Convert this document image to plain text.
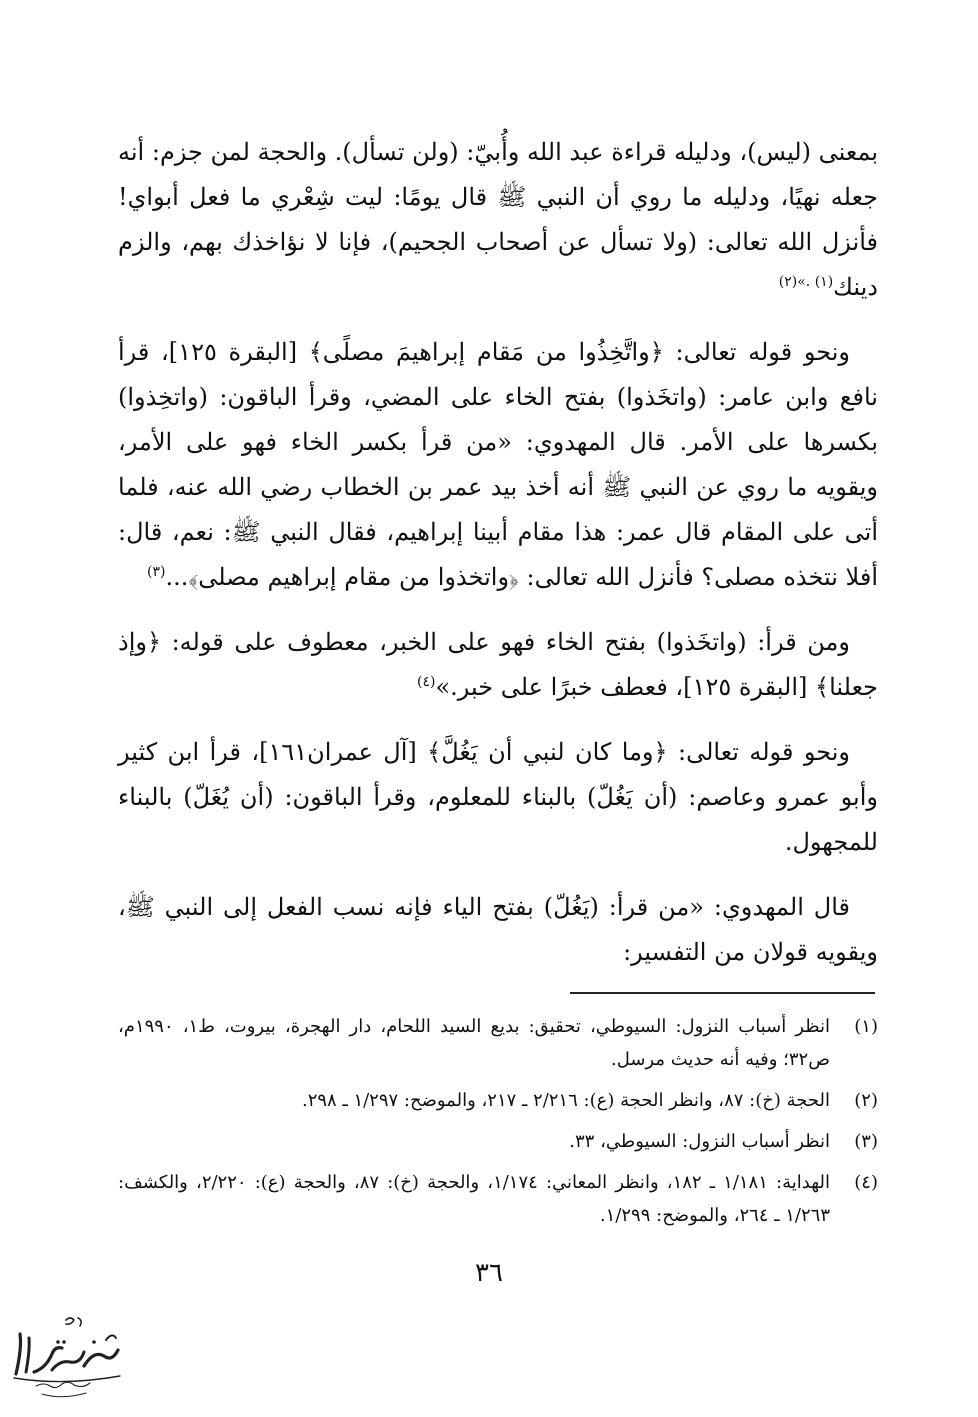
بمعنى (ليس)، ودليله قراءة عبد الله وأُبيّ: (ولن تسأل). والحجة لمن جزم: أنه جعله نهيًا، ودليله ما روي أن النبي ﷺ قال يومًا: ليت شِعْري ما فعل أبواي! فأنزل الله تعالى: (ولا تسأل عن أصحاب الجحيم)، فإنا لا نؤاخذك بهم، والزم دينك$^{(١) .»(٢)}$

ونحو قوله تعالى: ﴿واتَّخِذُوا من مَقام إبراهيمَ مصلًى﴾ [البقرة ١٢٥]، قرأ نافع وابن عامر: (واتخَذوا) بفتح الخاء على المضي، وقرأ الباقون: (واتخِذوا) بكسرها على الأمر. قال المهدوي: «من قرأ بكسر الخاء فهو على الأمر، ويقويه ما روي عن النبي ﷺ أنه أخذ بيد عمر بن الخطاب رضي الله عنه، فلما أتى على المقام قال عمر: هذا مقام أبينا إبراهيم، فقال النبي ﷺ: نعم، قال: أفلا نتخذه مصلى؟ فأنزل الله تعالى: ﴿واتخذوا من مقام إبراهيم مصلى﴾...$^{(٣)}$

ومن قرأ: (واتخَذوا) بفتح الخاء فهو على الخبر، معطوف على قوله: ﴿وإذ جعلنا﴾ [البقرة ١٢٥]، فعطف خبرًا على خبر.»$^{(٤)}$

ونحو قوله تعالى: ﴿وما كان لنبي أن يَغُلَّ﴾ [آل عمران١٦١]، قرأ ابن كثير وأبو عمرو وعاصم: (أن يَغُلّ) بالبناء للمعلوم، وقرأ الباقون: (أن يُغَلّ) بالبناء للمجهول.

قال المهدوي: «من قرأ: (يَغُلّ) بفتح الياء فإنه نسب الفعل إلى النبي ﷺ، ويقويه قولان من التفسير:

(١)
انظر أسباب النزول: السيوطي، تحقيق: بديع السيد اللحام، دار الهجرة، بيروت، ط١، ١٩٩٠م، ص٣٢؛ وفيه أنه حديث مرسل.
(٢)
الحجة (خ): ٨٧، وانظر الحجة (ع): ٢/٢١٦ ـ ٢١٧، والموضح: ١/٢٩٧ ـ ٢٩٨.
(٣)
انظر أسباب النزول: السيوطي، ٣٣.
(٤)
الهداية: ١/١٨١ ـ ١٨٢، وانظر المعاني: ١/١٧٤، والحجة (خ): ٨٧، والحجة (ع): ٢/٢٢٠، والكشف: ١/٢٦٣ ـ ٢٦٤، والموضح: ١/٢٩٩.
٣٦
